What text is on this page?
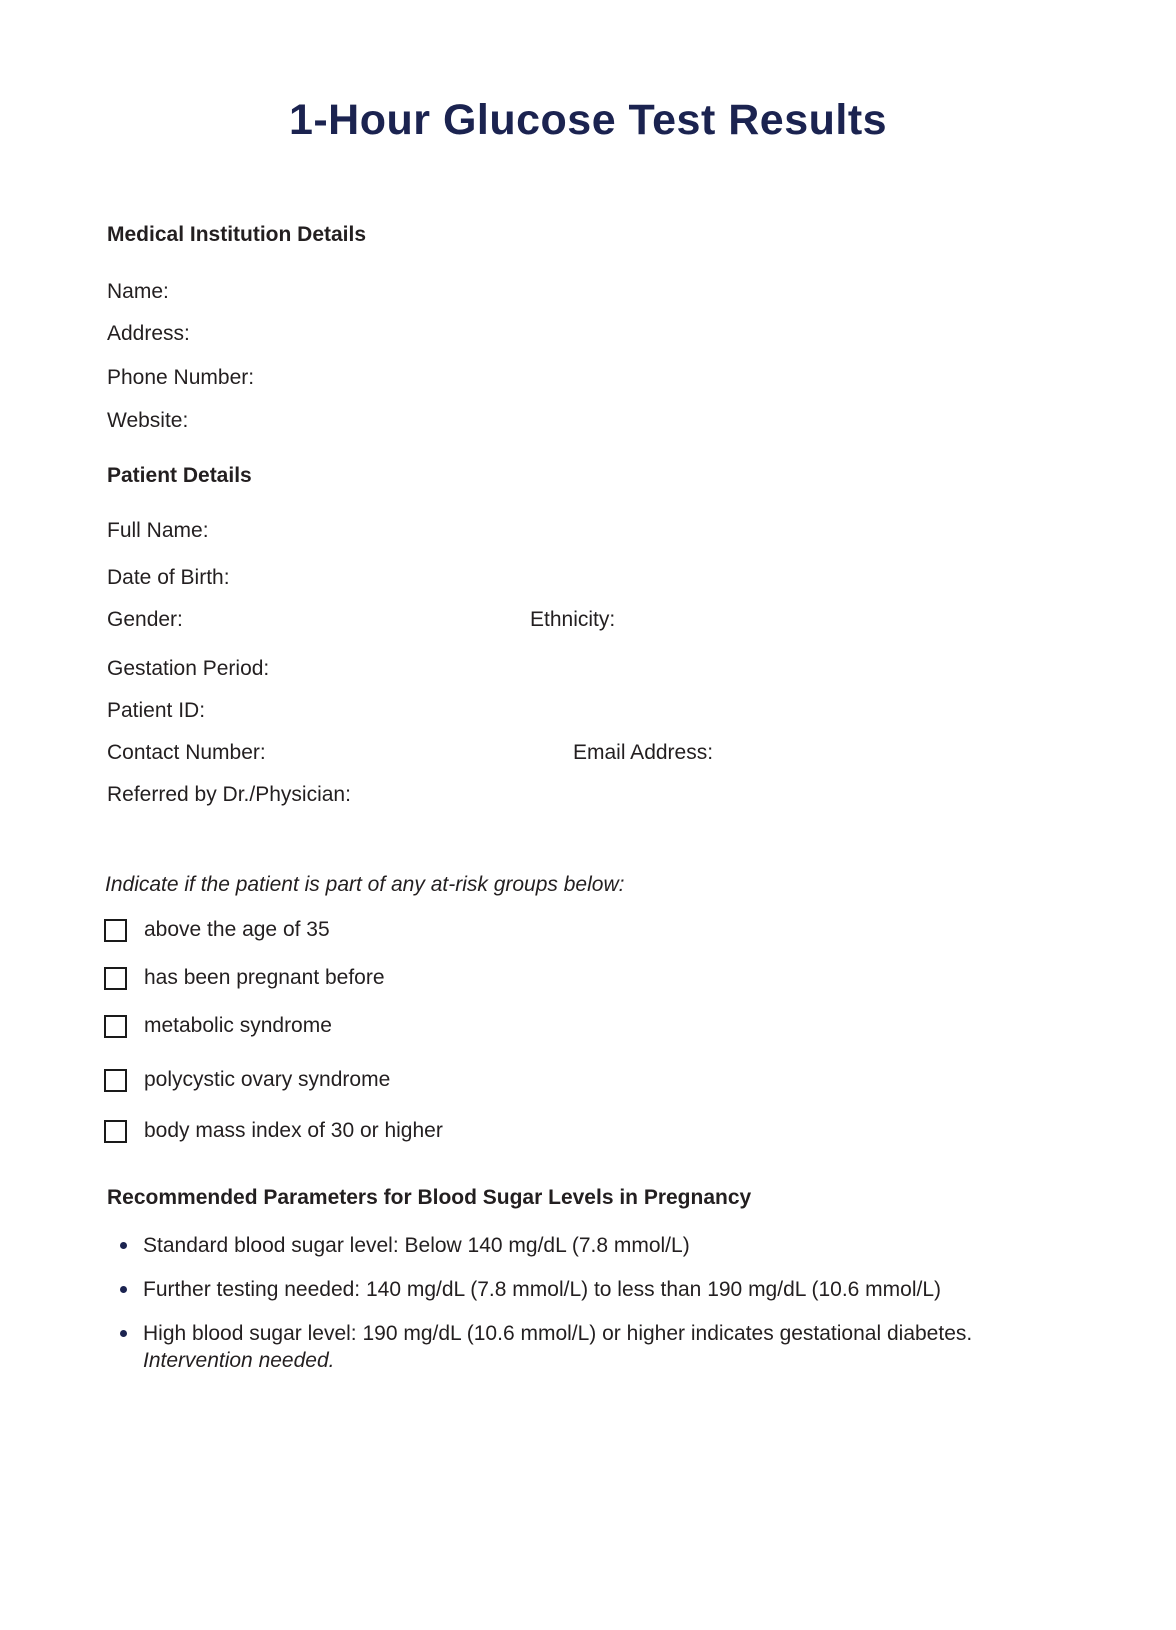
1-Hour Glucose Test Results
Medical Institution Details
Name:
Address:
Phone Number:
Website:
Patient Details
Full Name:
Date of Birth:
Gender:	Ethnicity:
Gestation Period:
Patient ID:
Contact Number:	Email Address:
Referred by Dr./Physician:
Indicate if the patient is part of any at-risk groups below:
above the age of 35
has been pregnant before
metabolic syndrome
polycystic ovary syndrome
body mass index of 30 or higher
Recommended Parameters for Blood Sugar Levels in Pregnancy
Standard blood sugar level: Below 140 mg/dL (7.8 mmol/L)
Further testing needed: 140 mg/dL (7.8 mmol/L) to less than 190 mg/dL (10.6 mmol/L)
High blood sugar level: 190 mg/dL (10.6 mmol/L) or higher indicates gestational diabetes.
Intervention needed.
